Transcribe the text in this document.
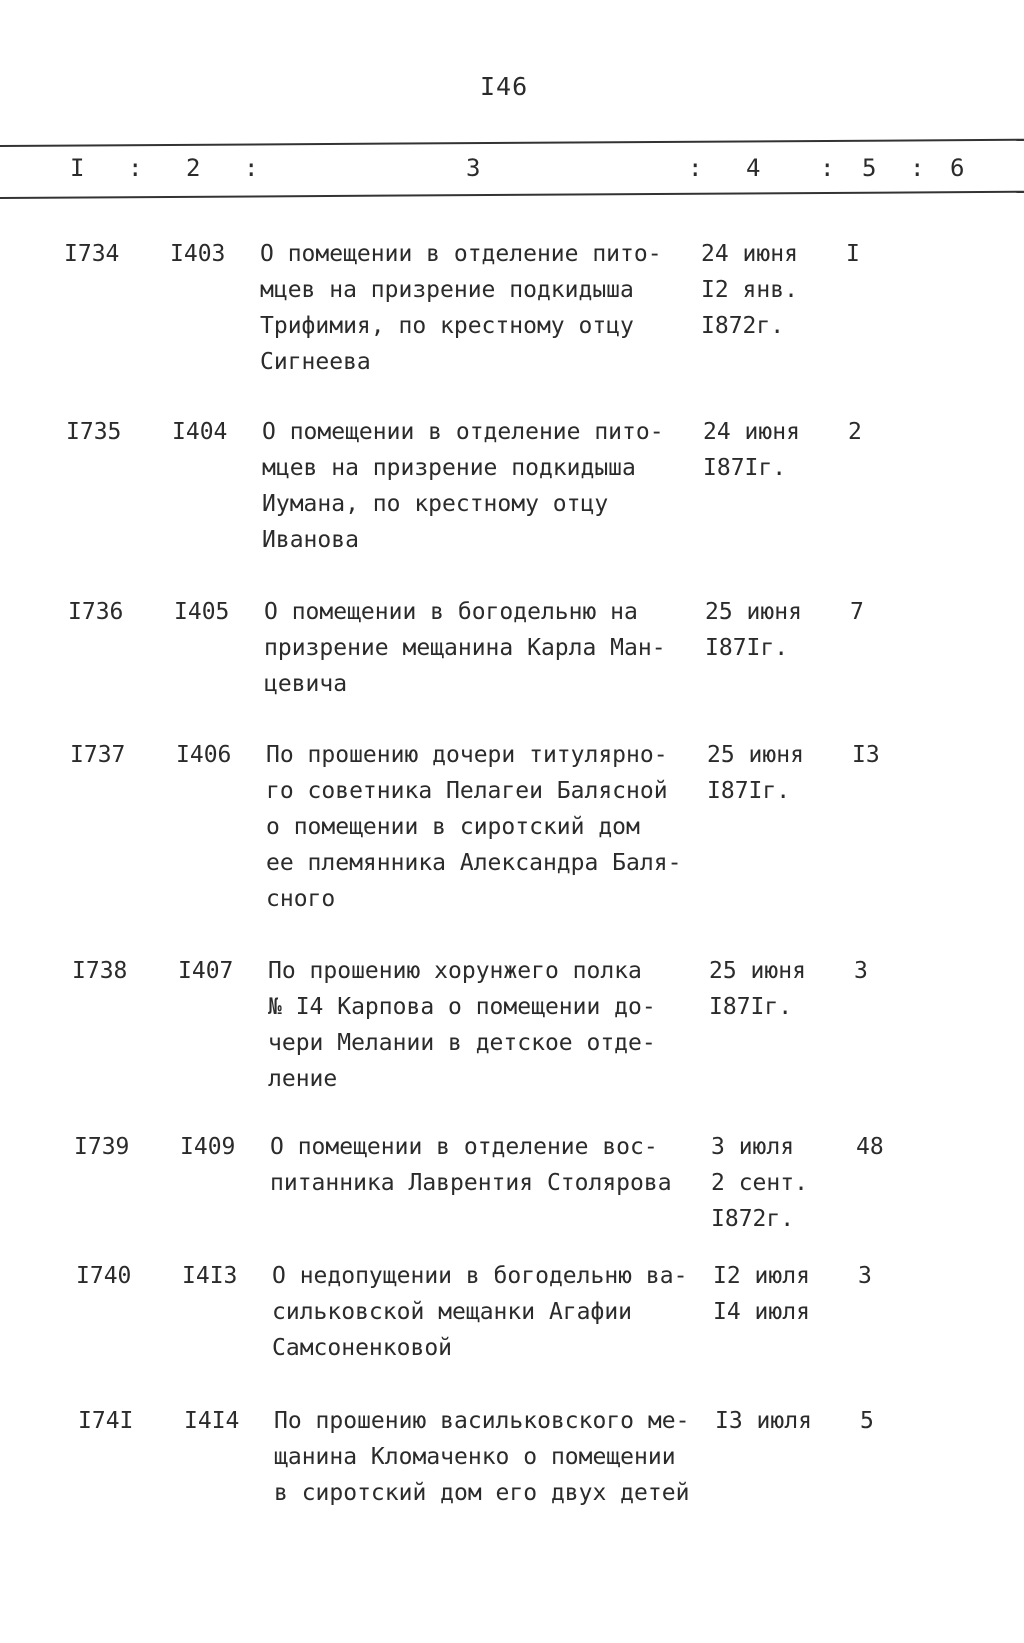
I46
I : 2 :	3	: 4 : 5 : 6
I734 I403 О помещении в отделение пито-
мцев на призрение подкидыша
Трифимия, по крестному отцу
Сигнеева
24 июня
I2 янв.
I872г.
I
I735 I404 О помещении в отделение пито-
мцев на призрение подкидыша
Иумана, по крестному отцу
Иванова
24 июня
I87Iг.
2
I736 I405 О помещении в богодельню на
призрение мещанина Карла Ман-
цевича
25 июня
I87Iг.
7
I737 I406 По прошению дочери титулярно-
го советника Пелагеи Балясной
о помещении в сиротский дом
ее племянника Александра Баля-
сного
25 июня
I87Iг.
I3
I738 I407 По прошению хорунжего полка
№ I4 Карпова о помещении до-
чери Мелании в детское отде-
ление
25 июня
I87Iг.
3
I739 I409 О помещении в отделение вос-
питанника Лаврентия Столярова
3 июля
2 сент.
I872г.
48
I740 I4I3 О недопущении в богодельню ва-
сильковской мещанки Агафии
Самсоненковой
I2 июля
I4 июля
3
I74I I4I4 По прошению васильковского ме-
щанина Кломаченко о помещении
в сиротский дом его двух детей
I3 июля 5
